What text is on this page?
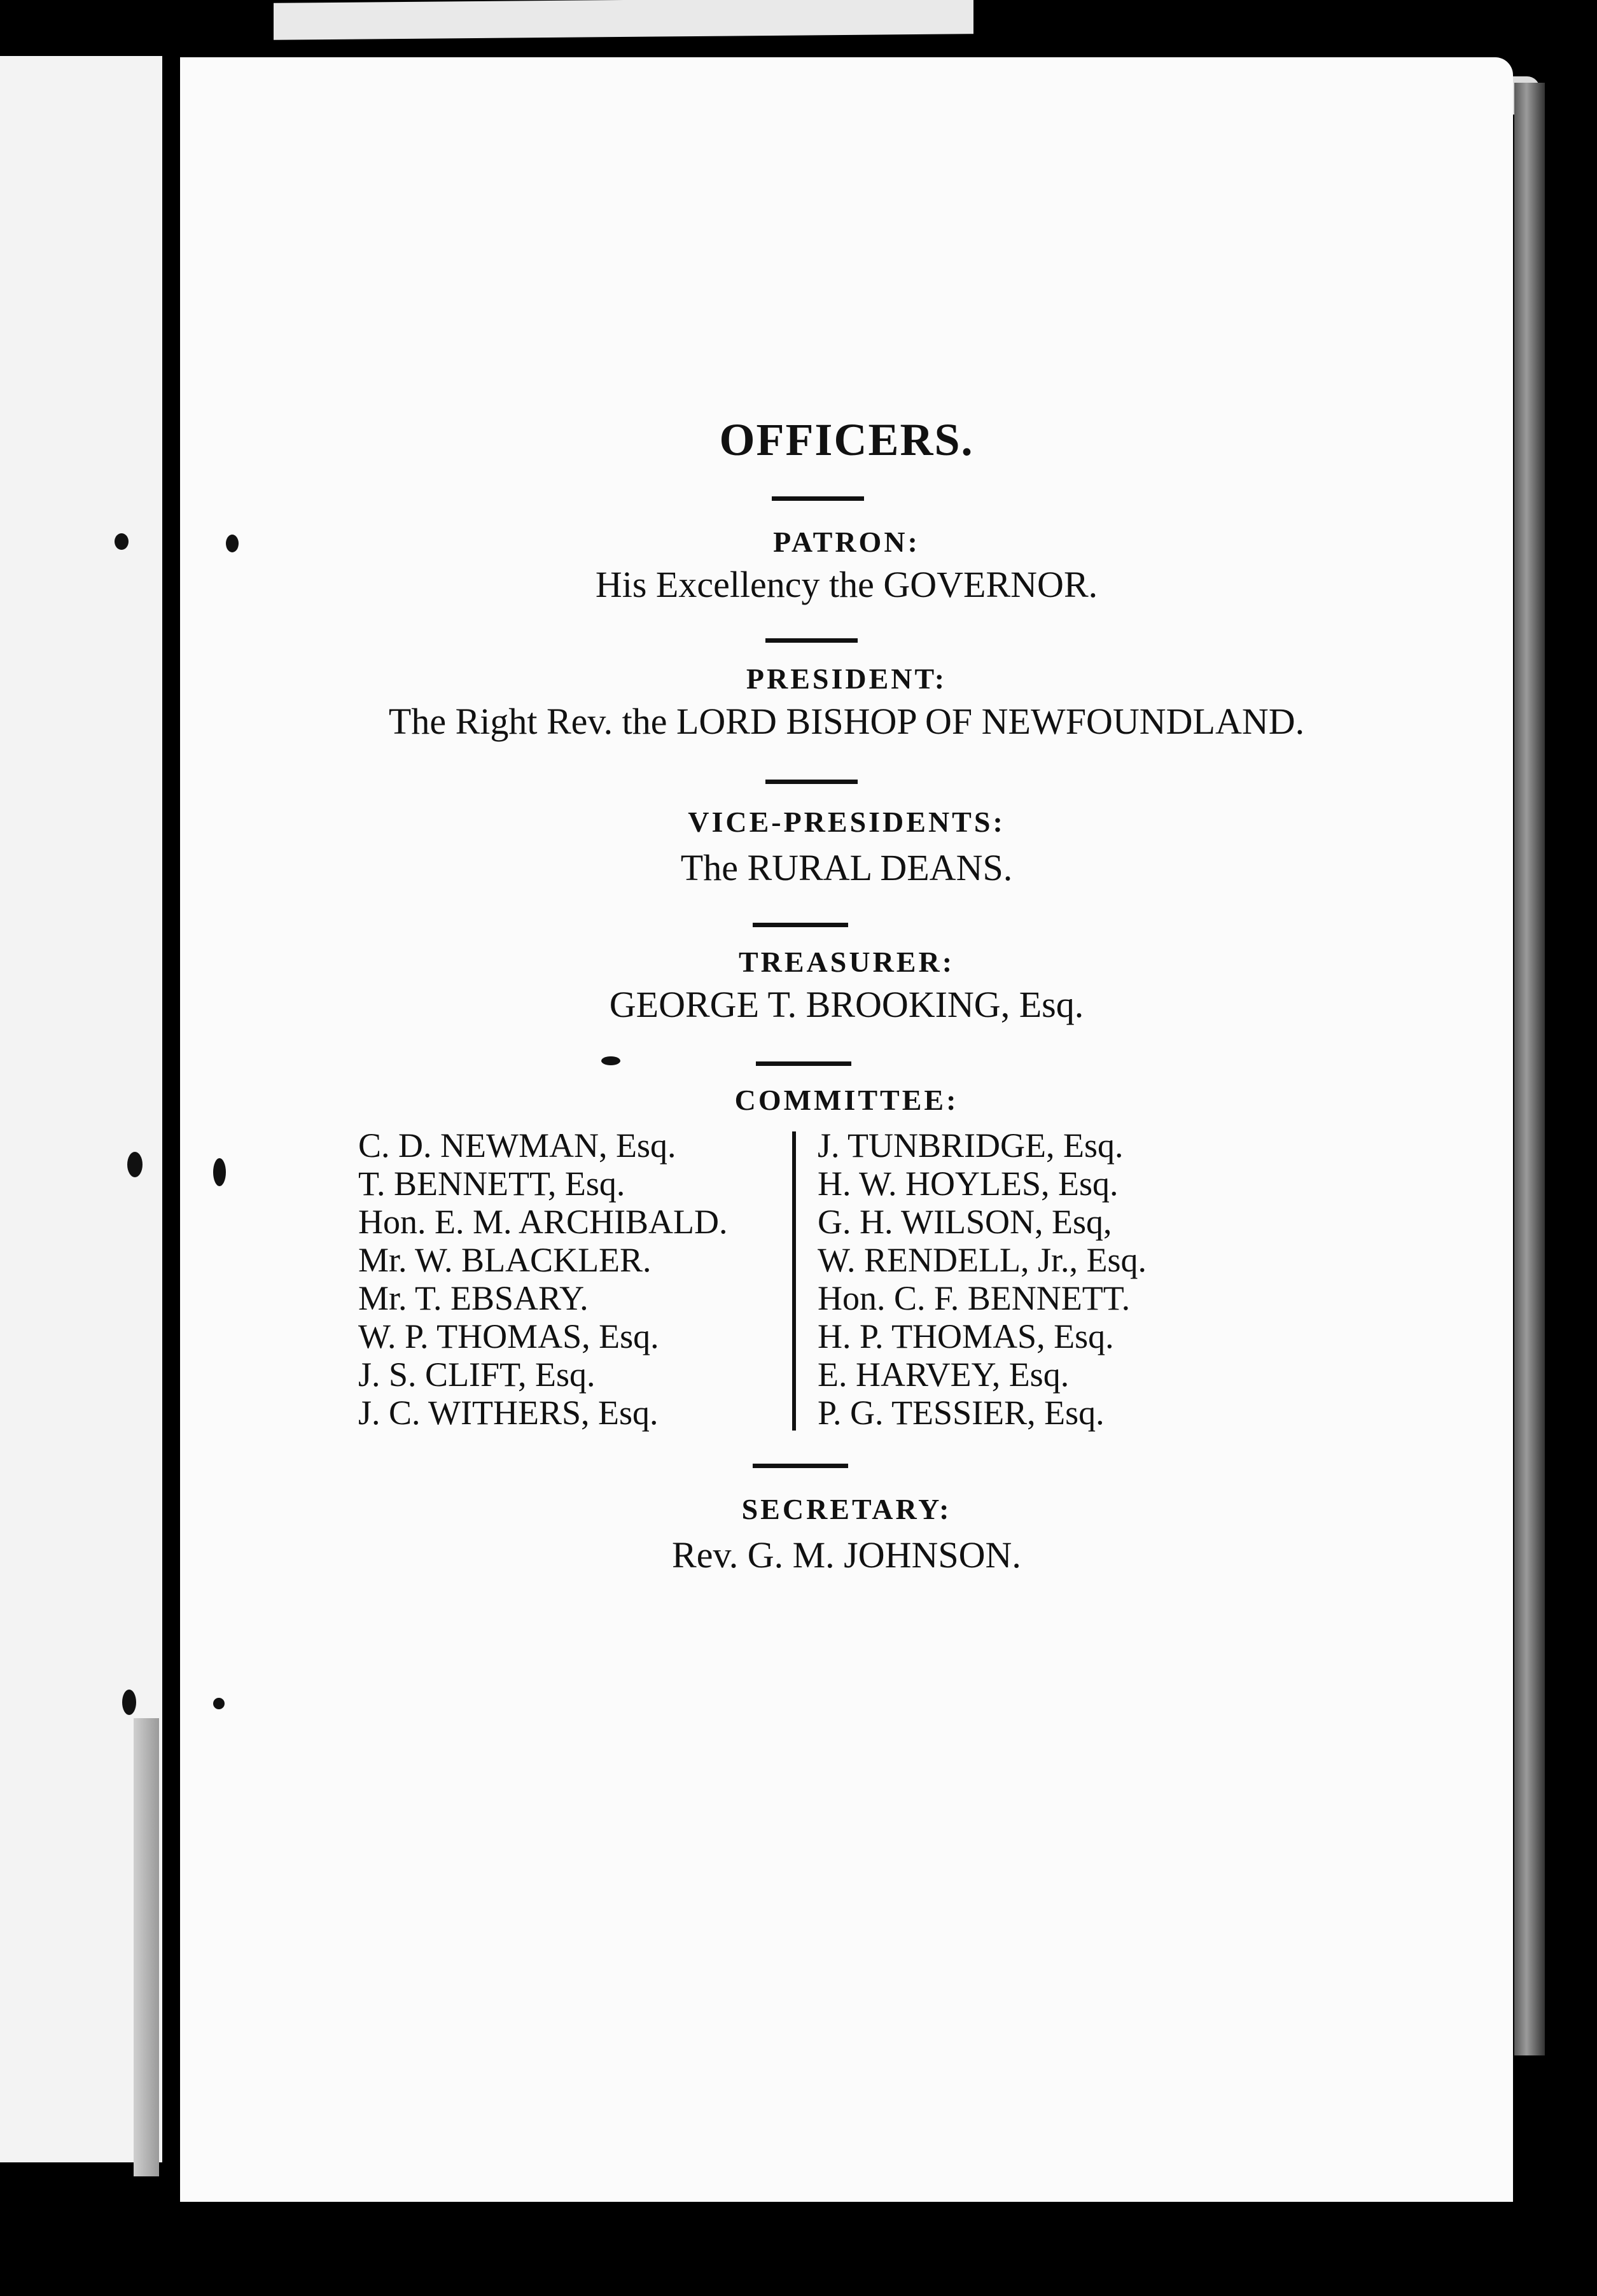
OFFICERS.
PATRON:
His Excellency the GOVERNOR.
PRESIDENT:
The Right Rev. the LORD BISHOP OF NEWFOUNDLAND.
VICE-PRESIDENTS:
The RURAL DEANS.
TREASURER:
GEORGE T. BROOKING, Esq.
COMMITTEE:
C. D. NEWMAN, Esq.
T. BENNETT, Esq.
Hon. E. M. ARCHIBALD.
Mr. W. BLACKLER.
Mr. T. EBSARY.
W. P. THOMAS, Esq.
J. S. CLIFT, Esq.
J. C. WITHERS, Esq.
J. TUNBRIDGE, Esq.
H. W. HOYLES, Esq.
G. H. WILSON, Esq,
W. RENDELL, Jr., Esq.
Hon. C. F. BENNETT.
H. P. THOMAS, Esq.
E. HARVEY, Esq.
P. G. TESSIER, Esq.
SECRETARY:
Rev. G. M. JOHNSON.
